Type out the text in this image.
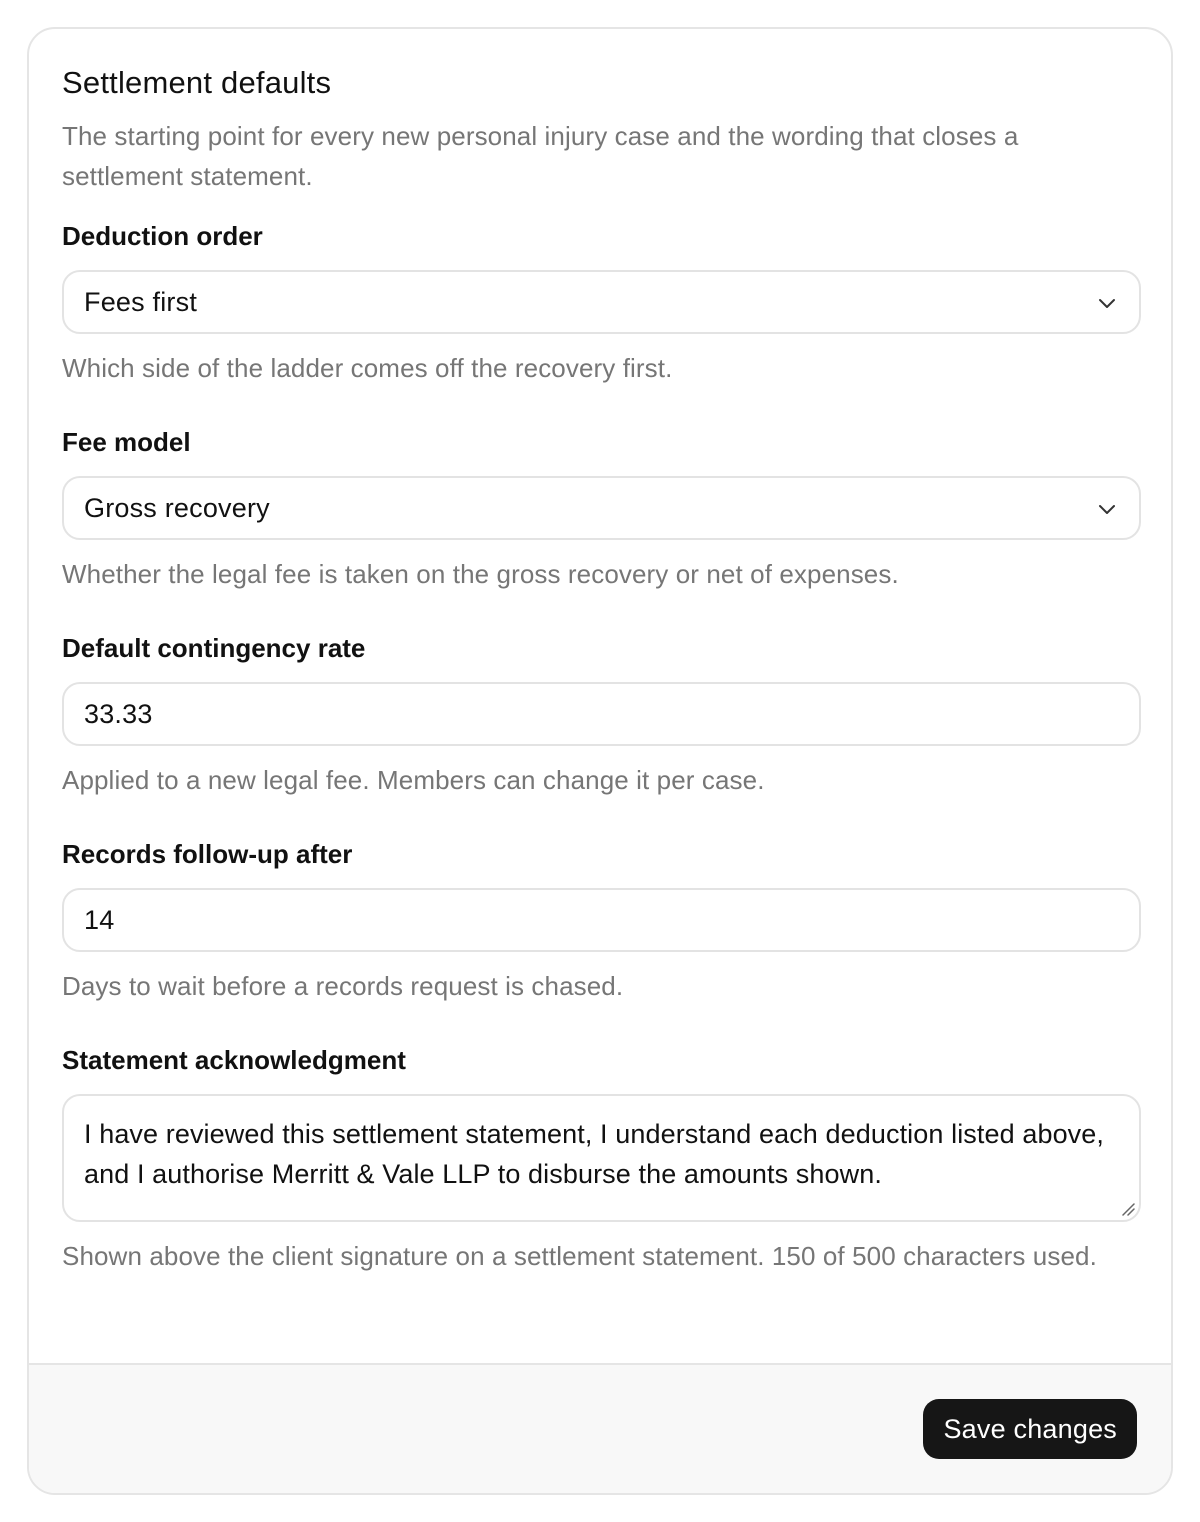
Settlement defaults

The starting point for every new personal injury case and the wording that closes a settlement statement.

Deduction order
Fees first

Which side of the ladder comes off the recovery first.

Fee model
Gross recovery

Whether the legal fee is taken on the gross recovery or net of expenses.

Default contingency rate
33.33

Applied to a new legal fee. Members can change it per case.

Records follow-up after
14

Days to wait before a records request is chased.

Statement acknowledgment
I have reviewed this settlement statement, I understand each deduction listed above, and I authorise Merritt & Vale LLP to disburse the amounts shown.

Shown above the client signature on a settlement statement. 150 of 500 characters used.

Save changes
